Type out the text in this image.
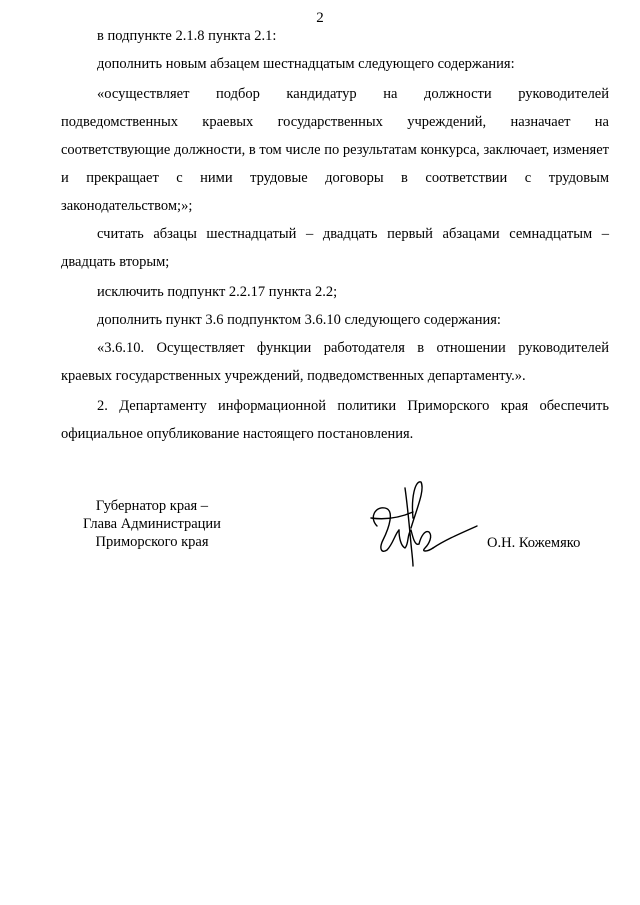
2

в подпункте 2.1.8 пункта 2.1:

дополнить новым абзацем шестнадцатым следующего содержания:

«осуществляет подбор кандидатур на должности руководителей подведомственных краевых государственных учреждений, назначает на соответствующие должности, в том числе по результатам конкурса, заключает, изменяет и прекращает с ними трудовые договоры в соответствии с трудовым законодательством;»;

считать абзацы шестнадцатый – двадцать первый абзацами семнадцатым – двадцать вторым;

исключить подпункт 2.2.17 пункта 2.2;

дополнить пункт 3.6 подпунктом 3.6.10 следующего содержания:

«3.6.10. Осуществляет функции работодателя в отношении руководителей краевых государственных учреждений, подведомственных департаменту.».

2. Департаменту информационной политики Приморского края обеспечить официальное опубликование настоящего постановления.

Губернатор края –
Глава Администрации
Приморского края	О.Н. Кожемяко
